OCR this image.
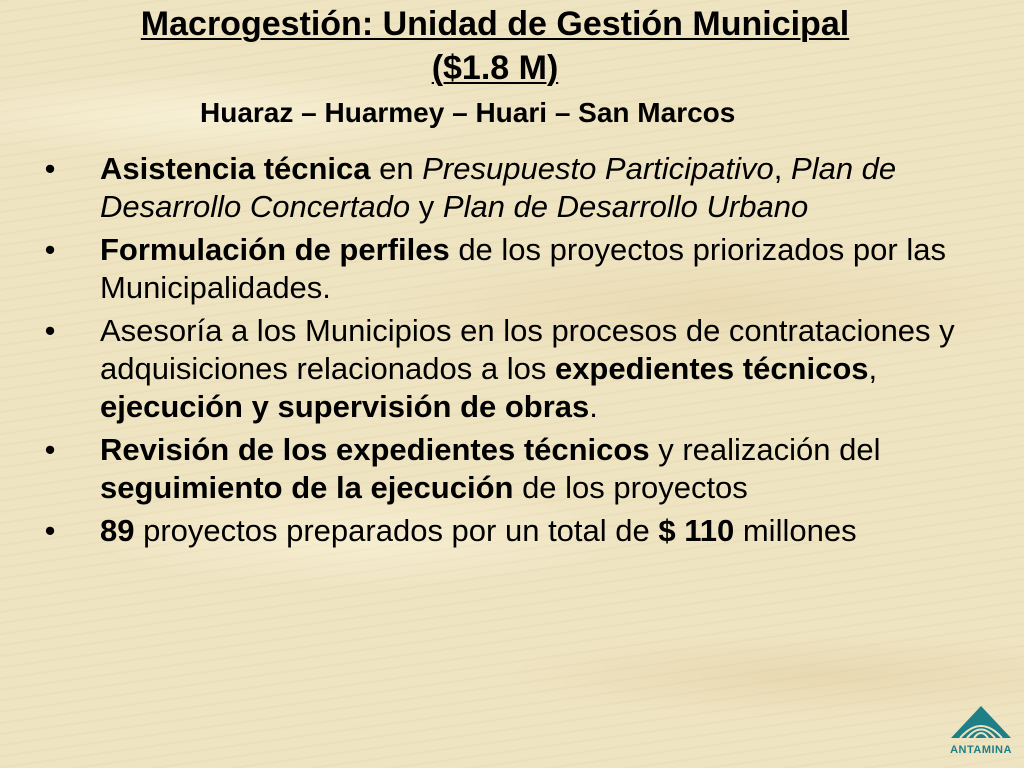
Macrogestión: Unidad de Gestión Municipal
($1.8 M)
Huaraz – Huarmey – Huari – San Marcos
• Asistencia técnica en Presupuesto Participativo, Plan de Desarrollo Concertado y Plan de Desarrollo Urbano
• Formulación de perfiles de los proyectos priorizados por las Municipalidades.
• Asesoría a los Municipios en los procesos de contrataciones y adquisiciones relacionados a los expedientes técnicos, ejecución y supervisión de obras.
• Revisión de los expedientes técnicos y realización del seguimiento de la ejecución de los proyectos
• 89 proyectos preparados por un total de $ 110 millones
ANTAMINA
